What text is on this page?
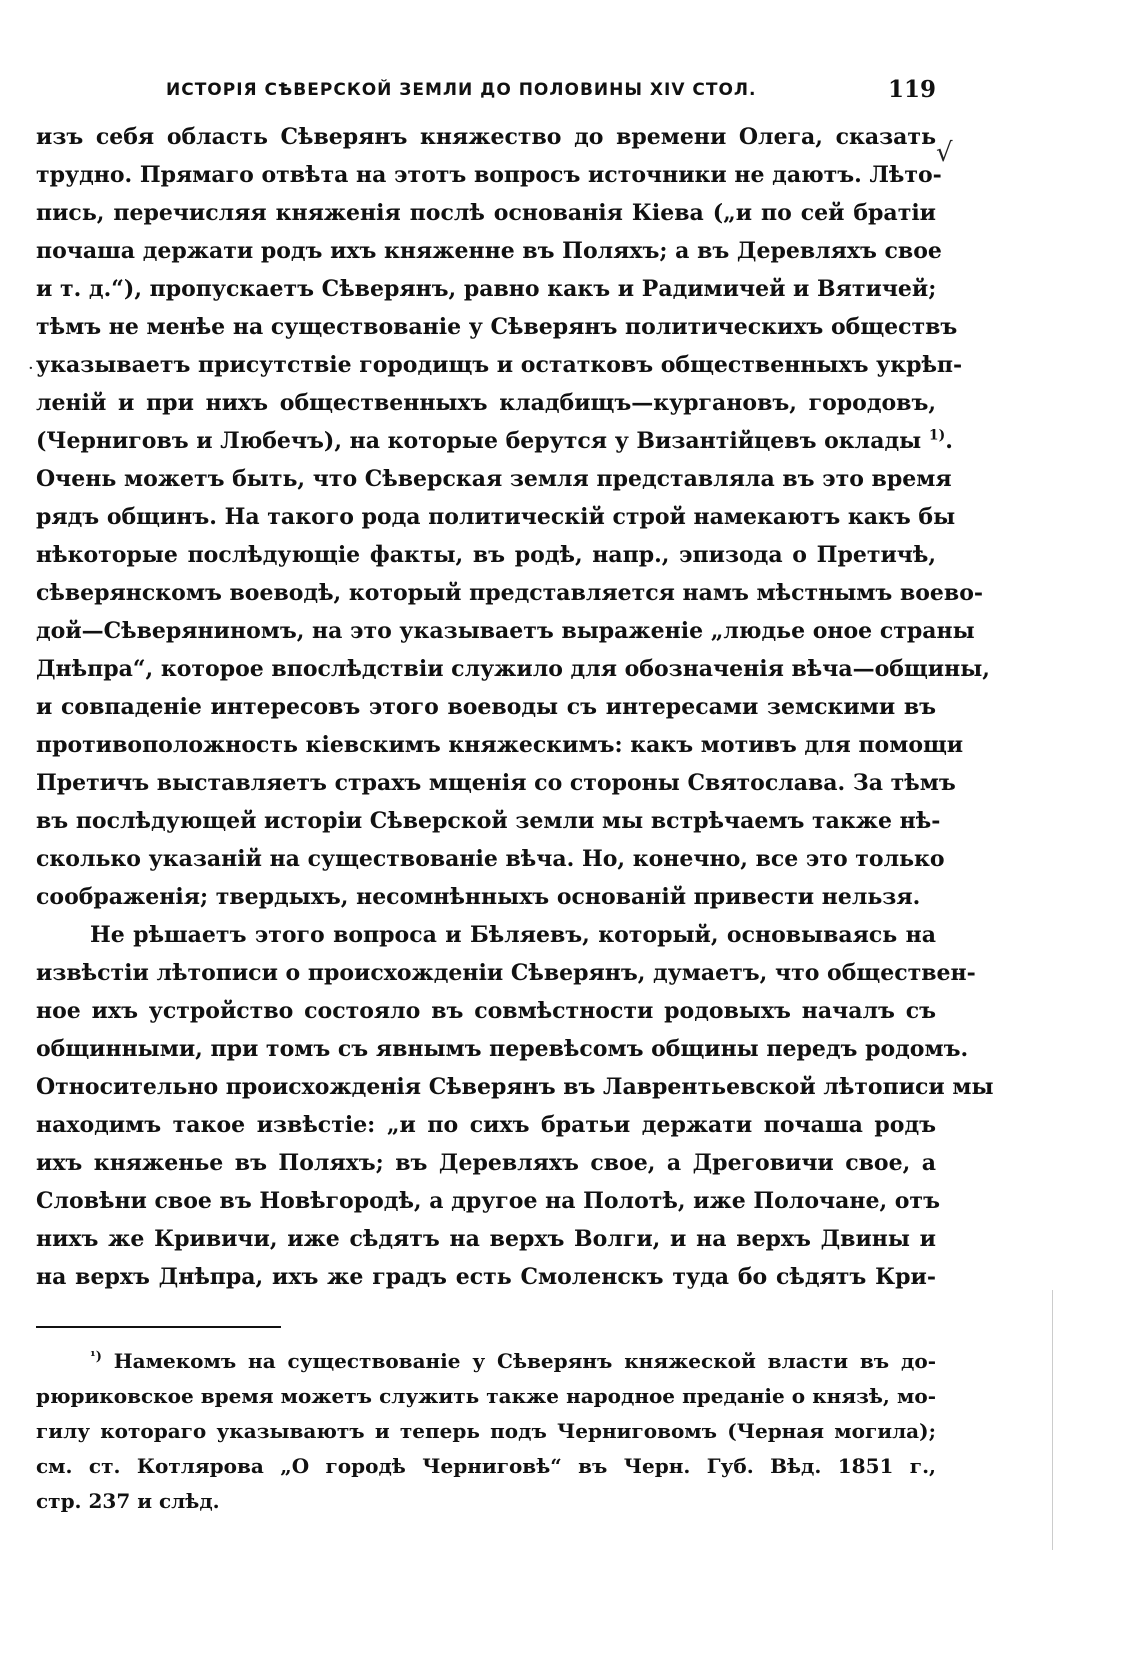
√
·
ИСТОРІЯ СѢВЕРСКОЙ ЗЕМЛИ ДО ПОЛОВИНЫ XIV СТОЛ.	119
изъ себя область Сѣверянъ княжество до времени Олега, сказать
трудно. Прямаго отвѣта на этотъ вопросъ источники не даютъ. Лѣто-
пись, перечисляя княженія послѣ основанія Кіева („и по сей братіи
почаша держати родъ ихъ княженне въ Поляхъ; а въ Деревляхъ свое
и т. д.“), пропускаетъ Сѣверянъ, равно какъ и Радимичей и Вятичей;
тѣмъ не менѣе на существованіе у Сѣверянъ политическихъ обществъ
указываетъ присутствіе городищъ и остатковъ общественныхъ укрѣп-
леній и при нихъ общественныхъ кладбищъ—кургановъ, городовъ,
(Черниговъ и Любечъ), на которые берутся у Византійцевъ оклады $^{1)}$.
Очень можетъ быть, что Сѣверская земля представляла въ это время
рядъ общинъ. На такого рода политическій строй намекаютъ какъ бы
нѣкоторые послѣдующіе факты, въ родѣ, напр., эпизода о Претичѣ,
сѣверянскомъ воеводѣ, который представляется намъ мѣстнымъ воево-
дой—Сѣверяниномъ, на это указываетъ выраженіе „людье оное страны
Днѣпра“, которое впослѣдствіи служило для обозначенія вѣча—общины,
и совпаденіе интересовъ этого воеводы съ интересами земскими въ
противоположность кіевскимъ княжескимъ: какъ мотивъ для помощи
Претичъ выставляетъ страхъ мщенія со стороны Святослава. За тѣмъ
въ послѣдующей исторіи Сѣверской земли мы встрѣчаемъ также нѣ-
сколько указаній на существованіе вѣча. Но, конечно, все это только
соображенія; твердыхъ, несомнѣнныхъ основаній привести нельзя.
Не рѣшаетъ этого вопроса и Бѣляевъ, который, основываясь на
извѣстіи лѣтописи о происхожденіи Сѣверянъ, думаетъ, что обществен-
ное ихъ устройство состояло въ совмѣстности родовыхъ началъ съ
общинными, при томъ съ явнымъ перевѣсомъ общины передъ родомъ.
Относительно происхожденія Сѣверянъ въ Лаврентьевской лѣтописи мы
находимъ такое извѣстіе: „и по сихъ братьи держати почаша родъ
ихъ княженье въ Поляхъ; въ Деревляхъ свое, а Дреговичи свое, а
Словѣни свое въ Новѣгородѣ, а другое на Полотѣ, иже Полочане, отъ
нихъ же Кривичи, иже сѣдятъ на верхъ Волги, и на верхъ Двины и
на верхъ Днѣпра, ихъ же градъ есть Смоленскъ туда бо сѣдятъ Кри-
$^{^1)}$ Намекомъ на существованіе у Сѣверянъ княжеской власти въ до-
рюриковское время можетъ служить также народное преданіе о князѣ, мо-
гилу котораго указываютъ и теперь подъ Черниговомъ (Черная могила);
см. ст. Котлярова „О городѣ Черниговѣ“ въ Черн. Губ. Вѣд. 1851 г.,
стр. 237 и слѣд.
